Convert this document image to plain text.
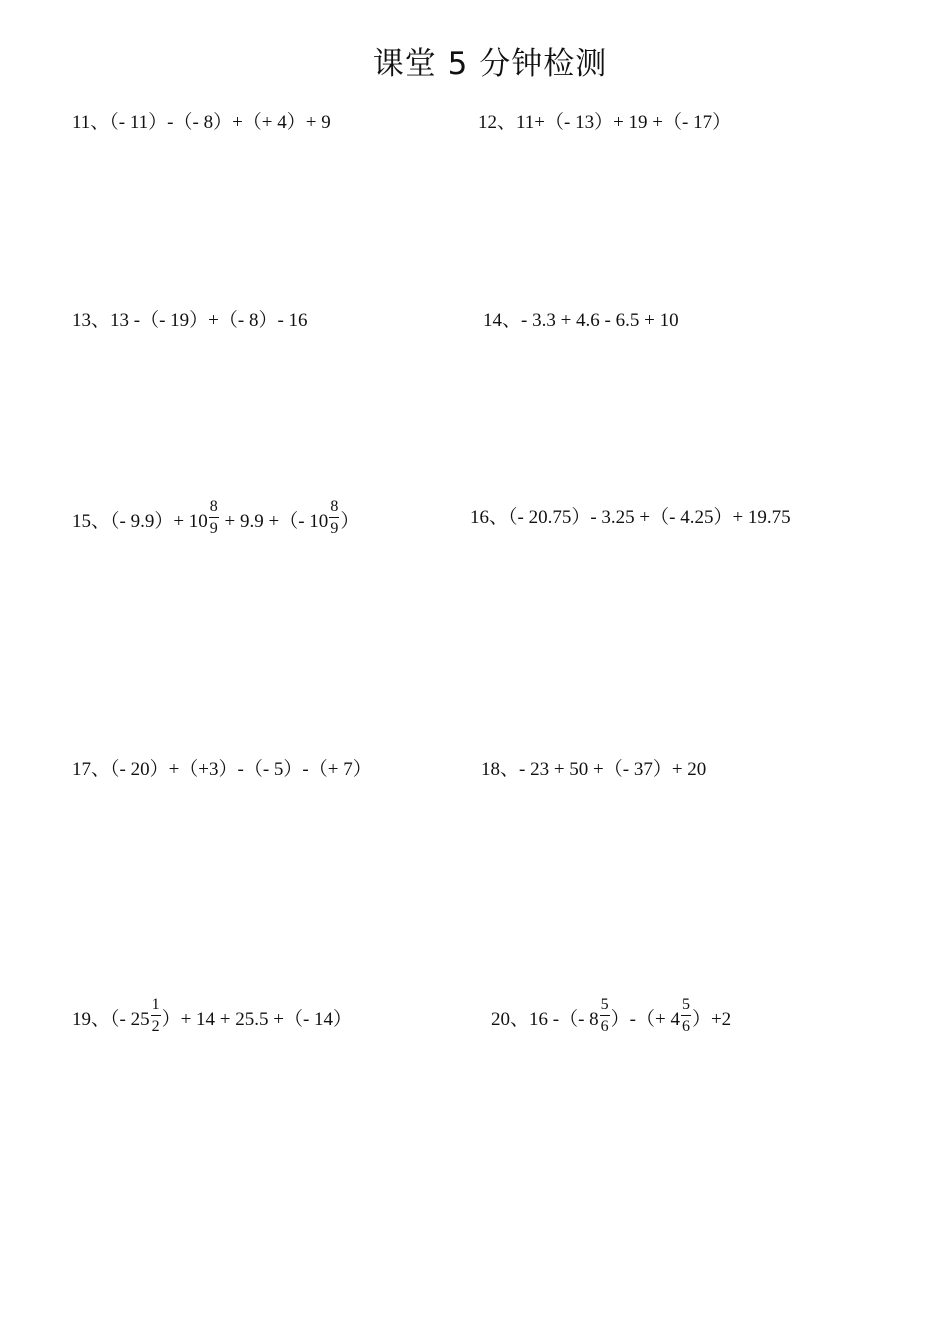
课堂 5 分钟检测
11、（- 11）-（- 8）+（+ 4）+ 9	12、11+（- 13）+ 19 +（- 17）
13、13 -（- 19）+（- 8）- 16	14、- 3.3 + 4.6 - 6.5 + 10
15、（- $9.9)+ 10 \frac{8}{9} + 9.9$ +（- $10 \frac{8}{9}$ ）	16、（- 20.75）- 3.25 +（- 4.25）+ 19.75
17、（- 20）+（+3）-（- 5）-（+ 7）	18、- 23 + 50 +（- 37）+ 20
19、（- $25 \frac{1}{2}$ ）+ 14 + 25.5 +（- 14）	20、16 -（- $8 \frac{5}{6}$ ）-（+ $4 \frac{5}{6} )+2$
